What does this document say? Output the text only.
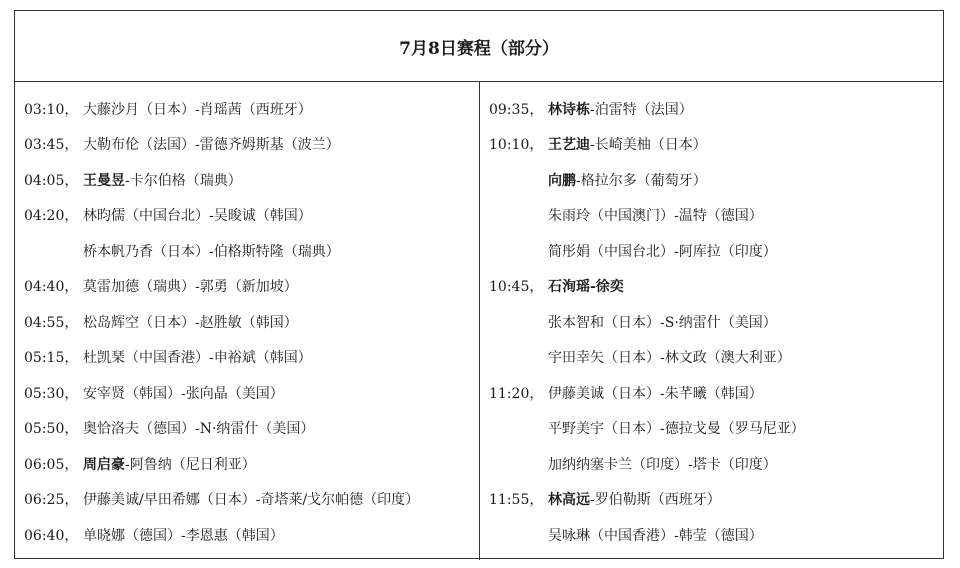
7月8日赛程（部分）
03:10， 大藤沙月（日本）-肖瑶茜（西班牙）
03:45， 大勒布伦（法国）-雷德齐姆斯基（波兰）
04:05， 王曼昱-卡尔伯格（瑞典）
04:20， 林昀儒（中国台北）-吴晙诚（韩国）
桥本帆乃香（日本）-伯格斯特隆（瑞典）
04:40， 莫雷加德（瑞典）-郭勇（新加坡）
04:55， 松岛辉空（日本）-赵胜敏（韩国）
05:15， 杜凯琹（中国香港）-申裕斌（韩国）
05:30， 安宰贤（韩国）-张向晶（美国）
05:50， 奥恰洛夫（德国）-N·纳雷什（美国）
06:05， 周启豪-阿鲁纳（尼日利亚）
06:25， 伊藤美诚/早田希娜（日本）-奇塔莱/戈尔帕德（印度）
06:40， 单晓娜（德国）-李恩惠（韩国）
09:35， 林诗栋-泊雷特（法国）
10:10， 王艺迪-长崎美柚（日本）
向鹏-格拉尔多（葡萄牙）
朱雨玲（中国澳门）-温特（德国）
简彤娟（中国台北）-阿库拉（印度）
10:45， 石洵瑶-徐奕
张本智和（日本）-S·纳雷什（美国）
宇田幸矢（日本）-林文政（澳大利亚）
11:20， 伊藤美诚（日本）-朱芊曦（韩国）
平野美宇（日本）-德拉戈曼（罗马尼亚）
加纳纳塞卡兰（印度）-塔卡（印度）
11:55， 林高远-罗伯勒斯（西班牙）
吴咏琳（中国香港）-韩莹（德国）
